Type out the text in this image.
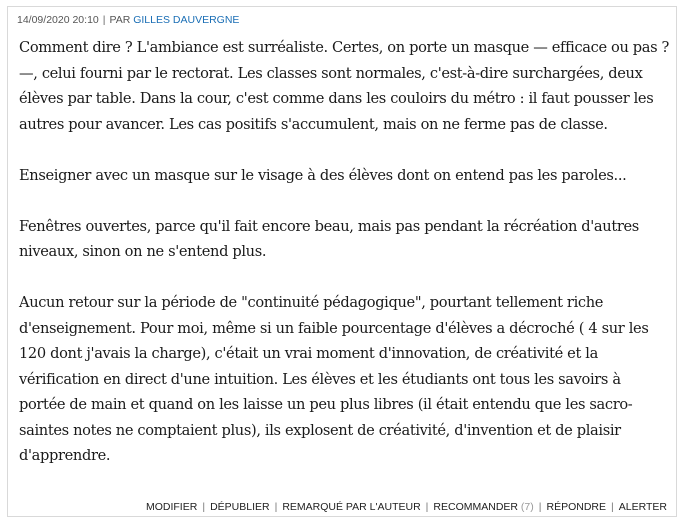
14/09/2020 20:10 | PAR GILLES DAUVERGNE

Comment dire ? L'ambiance est surréaliste. Certes, on porte un masque — efficace ou pas ?—, celui fourni par le rectorat. Les classes sont normales, c'est-à-dire surchargées, deux élèves par table. Dans la cour, c'est comme dans les couloirs du métro : il faut pousser les autres pour avancer. Les cas positifs s'accumulent, mais on ne ferme pas de classe.

Enseigner avec un masque sur le visage à des élèves dont on entend pas les paroles...

Fenêtres ouvertes, parce qu'il fait encore beau, mais pas pendant la récréation d'autres niveaux, sinon on ne s'entend plus.

Aucun retour sur la période de "continuité pédagogique", pourtant tellement riche d'enseignement. Pour moi, même si un faible pourcentage d'élèves a décroché ( 4 sur les 120 dont j'avais la charge), c'était un vrai moment d'innovation, de créativité et la vérification en direct d'une intuition. Les élèves et les étudiants ont tous les savoirs à portée de main et quand on les laisse un peu plus libres (il était entendu que les sacro-saintes notes ne comptaient plus), ils explosent de créativité, d'invention et de plaisir d'apprendre.

MODIFIER | DÉPUBLIER | REMARQUÉ PAR L'AUTEUR | RECOMMANDER (7) | RÉPONDRE | ALERTER
